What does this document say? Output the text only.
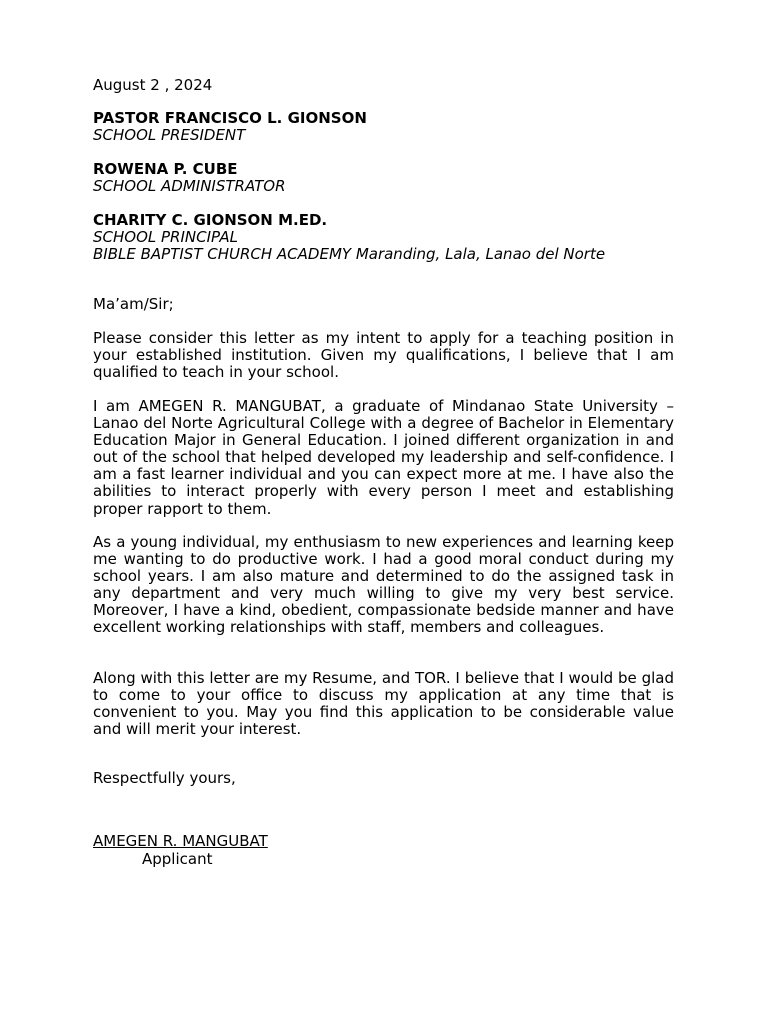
August 2 , 2024
PASTOR FRANCISCO L. GIONSON
SCHOOL PRESIDENT
ROWENA P. CUBE
SCHOOL ADMINISTRATOR
CHARITY C. GIONSON M.ED.
SCHOOL PRINCIPAL
BIBLE BAPTIST CHURCH ACADEMY Maranding, Lala, Lanao del Norte
Ma’am/Sir;

Please consider this letter as my intent to apply for a teaching position in your established institution. Given my qualifications, I believe that I am qualified to teach in your school.

I am AMEGEN R. MANGUBAT, a graduate of Mindanao State University – Lanao del Norte Agricultural College with a degree of Bachelor in Elementary Education Major in General Education. I joined different organization in and out of the school that helped developed my leadership and self-confidence. I am a fast learner individual and you can expect more at me. I have also the abilities to interact properly with every person I meet and establishing proper rapport to them.

As a young individual, my enthusiasm to new experiences and learning keep me wanting to do productive work. I had a good moral conduct during my school years. I am also mature and determined to do the assigned task in any department and very much willing to give my very best service. Moreover, I have a kind, obedient, compassionate bedside manner and have excellent working relationships with staff, members and colleagues.

Along with this letter are my Resume, and TOR. I believe that I would be glad to come to your office to discuss my application at any time that is convenient to you. May you find this application to be considerable value and will merit your interest.

Respectfully yours,
AMEGEN R. MANGUBAT
Applicant
